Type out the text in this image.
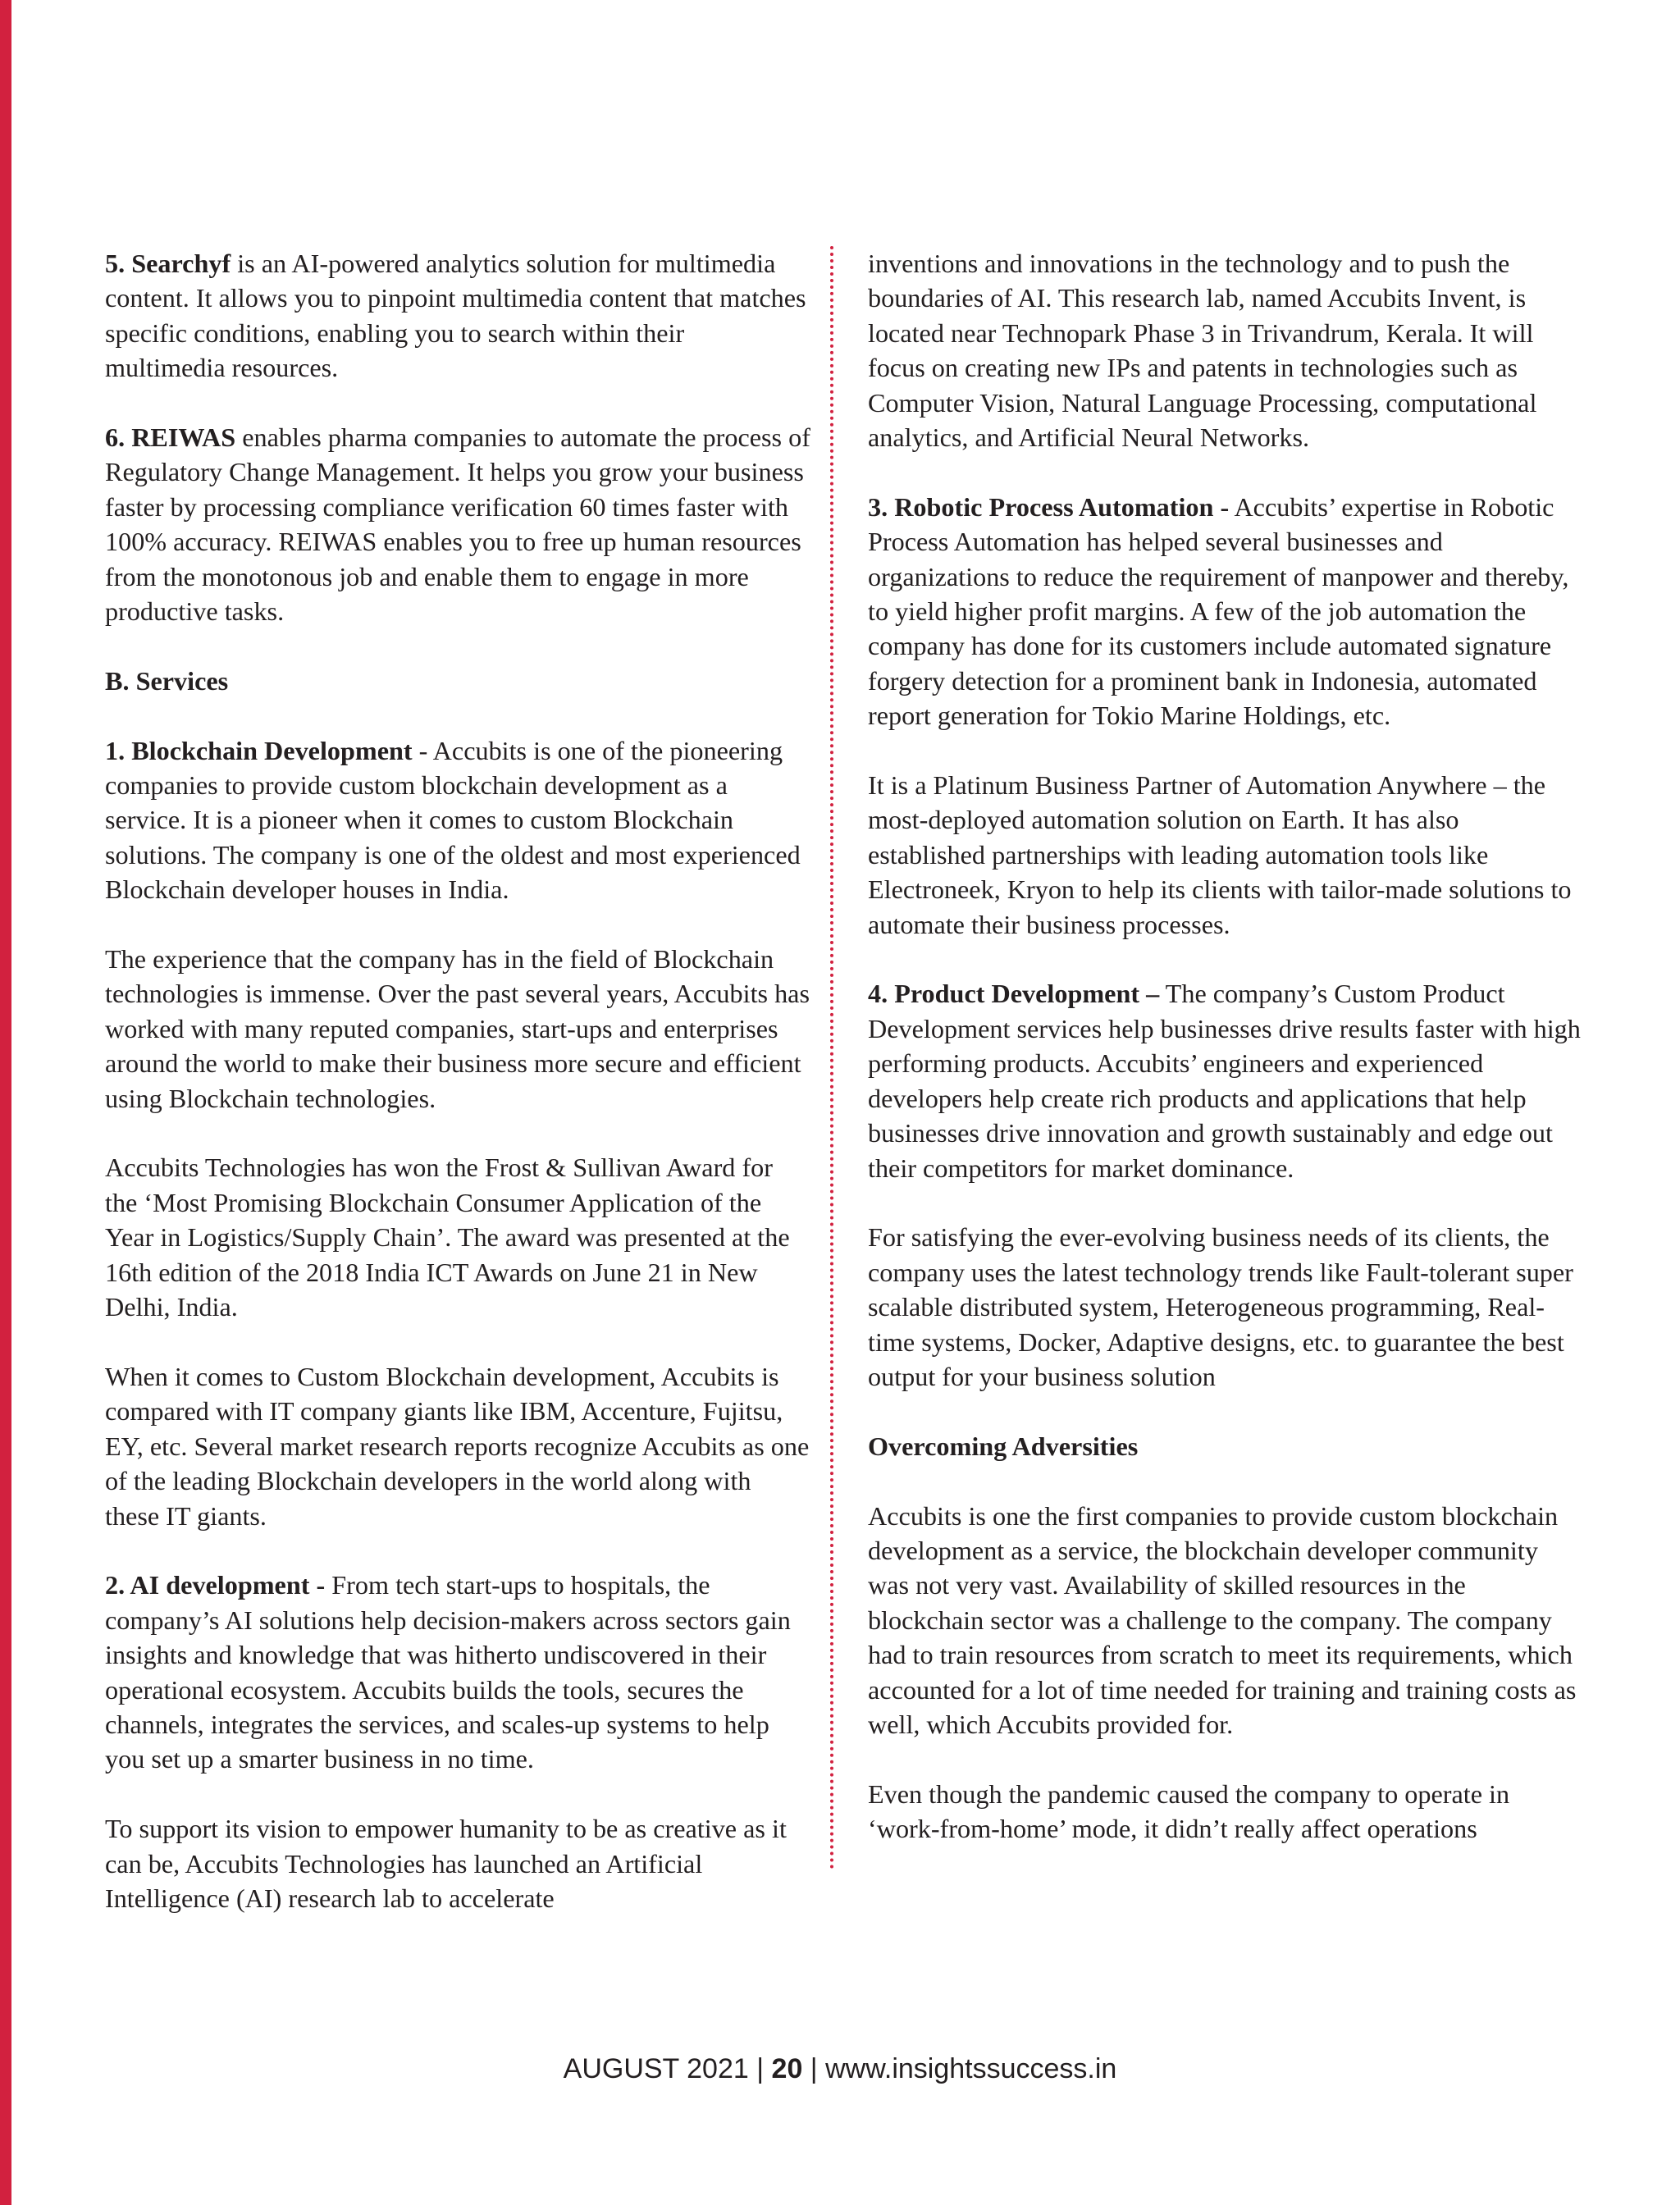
5. Searchyf is an AI-powered analytics solution for multimedia content. It allows you to pinpoint multimedia content that matches specific conditions, enabling you to search within their multimedia resources.

6. REIWAS enables pharma companies to automate the process of Regulatory Change Management. It helps you grow your business faster by processing compliance verification 60 times faster with 100% accuracy. REIWAS enables you to free up human resources from the monotonous job and enable them to engage in more productive tasks.

B. Services

1. Blockchain Development - Accubits is one of the pioneering companies to provide custom blockchain development as a service. It is a pioneer when it comes to custom Blockchain solutions. The company is one of the oldest and most experienced Blockchain developer houses in India.

The experience that the company has in the field of Blockchain technologies is immense. Over the past several years, Accubits has worked with many reputed companies, start-ups and enterprises around the world to make their business more secure and efficient using Blockchain technologies.

Accubits Technologies has won the Frost & Sullivan Award for the ‘Most Promising Blockchain Consumer Application of the Year in Logistics/Supply Chain’. The award was presented at the 16th edition of the 2018 India ICT Awards on June 21 in New Delhi, India.

When it comes to Custom Blockchain development, Accubits is compared with IT company giants like IBM, Accenture, Fujitsu, EY, etc. Several market research reports recognize Accubits as one of the leading Blockchain developers in the world along with these IT giants.

2. AI development - From tech start-ups to hospitals, the company’s AI solutions help decision-makers across sectors gain insights and knowledge that was hitherto undiscovered in their operational ecosystem. Accubits builds the tools, secures the channels, integrates the services, and scales-up systems to help you set up a smarter business in no time.

To support its vision to empower humanity to be as creative as it can be, Accubits Technologies has launched an Artificial Intelligence (AI) research lab to accelerate

inventions and innovations in the technology and to push the boundaries of AI. This research lab, named Accubits Invent, is located near Technopark Phase 3 in Trivandrum, Kerala. It will focus on creating new IPs and patents in technologies such as Computer Vision, Natural Language Processing, computational analytics, and Artificial Neural Networks.

3. Robotic Process Automation - Accubits’ expertise in Robotic Process Automation has helped several businesses and organizations to reduce the requirement of manpower and thereby, to yield higher profit margins. A few of the job automation the company has done for its customers include automated signature forgery detection for a prominent bank in Indonesia, automated report generation for Tokio Marine Holdings, etc.

It is a Platinum Business Partner of Automation Anywhere – the most-deployed automation solution on Earth. It has also established partnerships with leading automation tools like Electroneek, Kryon to help its clients with tailor-made solutions to automate their business processes.

4. Product Development – The company’s Custom Product Development services help businesses drive results faster with high performing products. Accubits’ engineers and experienced developers help create rich products and applications that help businesses drive innovation and growth sustainably and edge out their competitors for market dominance.

For satisfying the ever-evolving business needs of its clients, the company uses the latest technology trends like Fault-tolerant super scalable distributed system, Heterogeneous programming, Real-time systems, Docker, Adaptive designs, etc. to guarantee the best output for your business solution

Overcoming Adversities

Accubits is one the first companies to provide custom blockchain development as a service, the blockchain developer community was not very vast. Availability of skilled resources in the blockchain sector was a challenge to the company. The company had to train resources from scratch to meet its requirements, which accounted for a lot of time needed for training and training costs as well, which Accubits provided for.

Even though the pandemic caused the company to operate in ‘work-from-home’ mode, it didn’t really affect operations

AUGUST 2021 | 20 | www.insightssuccess.in
